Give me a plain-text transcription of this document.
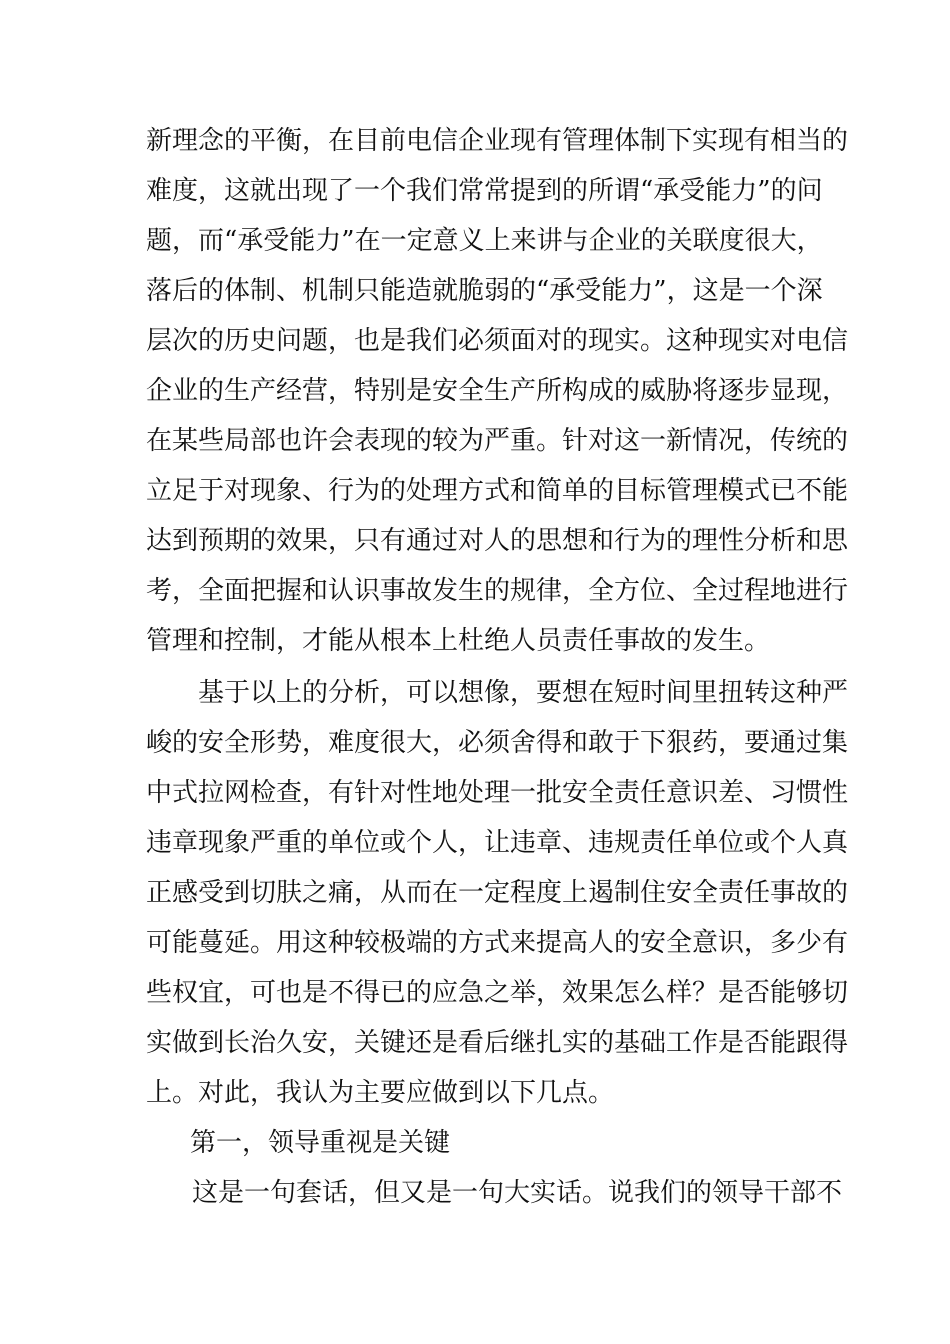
新理念的平衡，在目前电信企业现有管理体制下实现有相当的
难度，这就出现了一个我们常常提到的所谓“承受能力”的问
题，而“承受能力”在一定意义上来讲与企业的关联度很大，
落后的体制、机制只能造就脆弱的“承受能力”，这是一个深
层次的历史问题，也是我们必须面对的现实。这种现实对电信
企业的生产经营，特别是安全生产所构成的威胁将逐步显现，
在某些局部也许会表现的较为严重。针对这一新情况，传统的
立足于对现象、行为的处理方式和简单的目标管理模式已不能
达到预期的效果，只有通过对人的思想和行为的理性分析和思
考，全面把握和认识事故发生的规律，全方位、全过程地进行
管理和控制，才能从根本上杜绝人员责任事故的发生。
基于以上的分析，可以想像，要想在短时间里扭转这种严
峻的安全形势，难度很大，必须舍得和敢于下狠药，要通过集
中式拉网检查，有针对性地处理一批安全责任意识差、习惯性
违章现象严重的单位或个人，让违章、违规责任单位或个人真
正感受到切肤之痛，从而在一定程度上遏制住安全责任事故的
可能蔓延。用这种较极端的方式来提高人的安全意识，多少有
些权宜，可也是不得已的应急之举，效果怎么样？是否能够切
实做到长治久安，关键还是看后继扎实的基础工作是否能跟得
上。对此，我认为主要应做到以下几点。
第一，领导重视是关键
这是一句套话，但又是一句大实话。说我们的领导干部不
